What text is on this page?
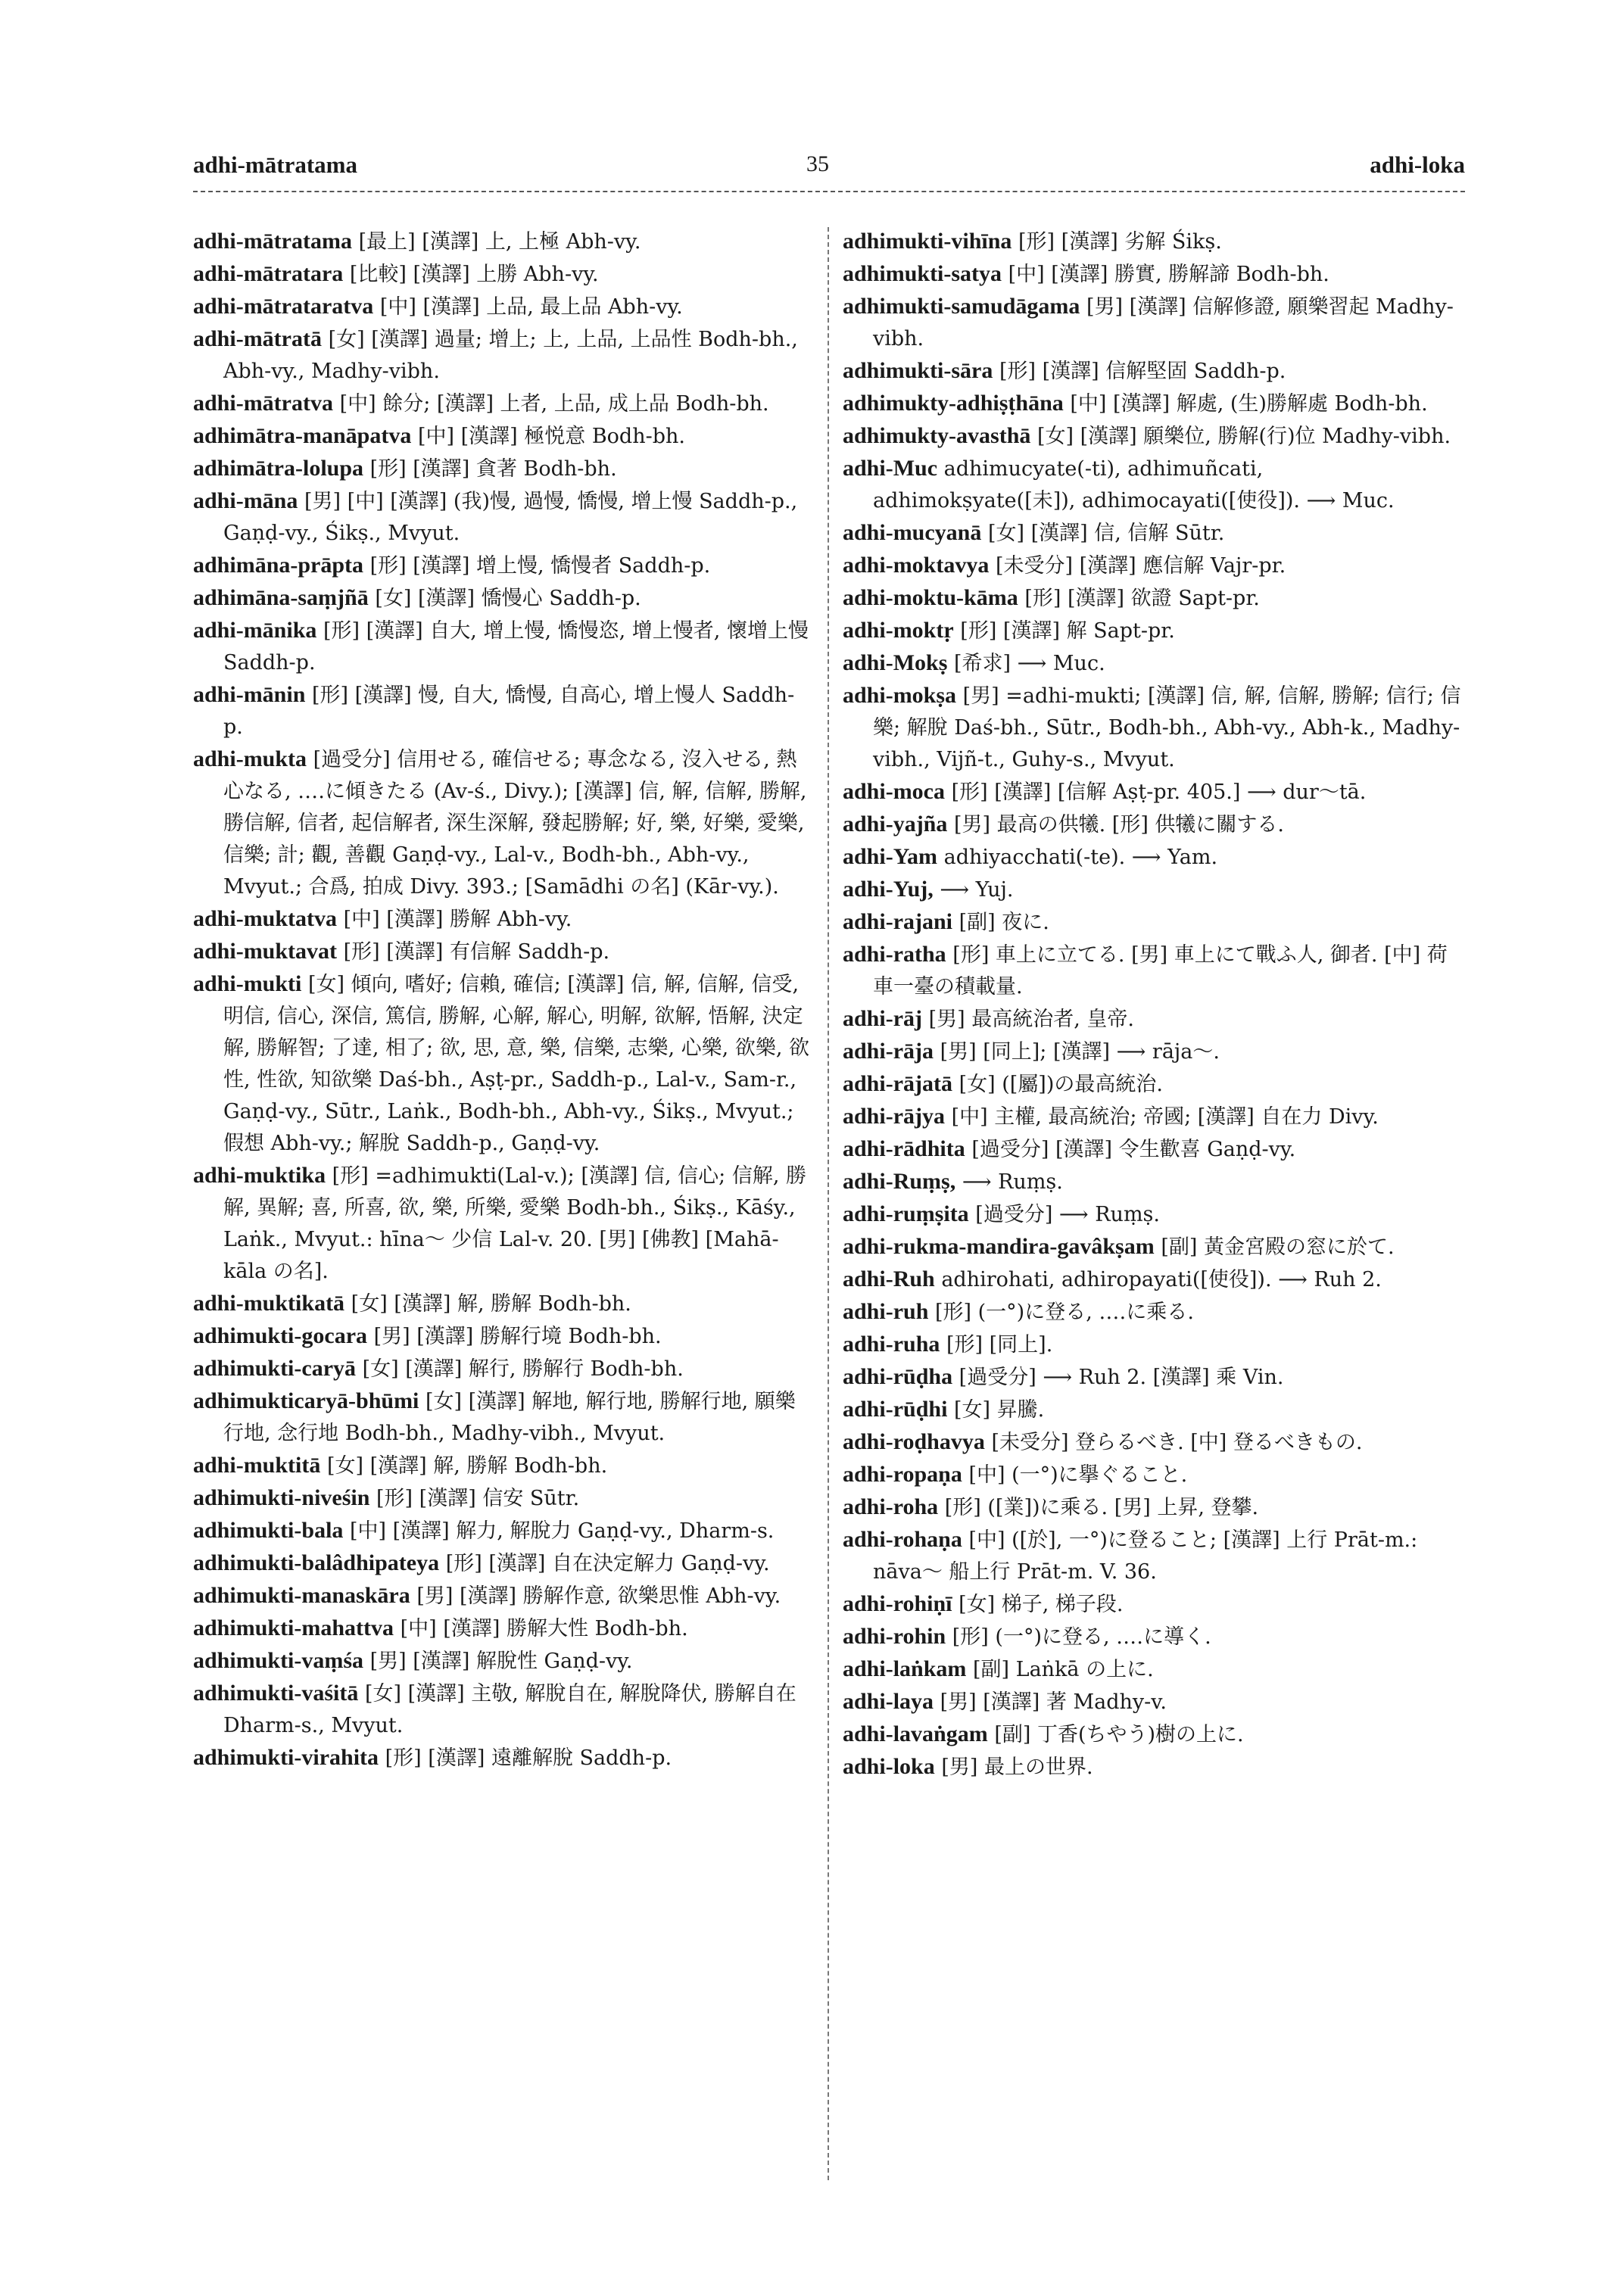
adhi-mātratama	35	adhi-loka

adhi-mātratama [最上] [漢譯] 上, 上極 Abh-vy.

adhi-mātratara [比較] [漢譯] 上勝 Abh-vy.

adhi-mātrataratva [中] [漢譯] 上品, 最上品 Abh-vy.

adhi-mātratā [女] [漢譯] 過量; 增上; 上, 上品, 上品性 Bodh-bh., Abh-vy., Madhy-vibh.

adhi-mātratva [中] 餘分; [漢譯] 上者, 上品, 成上品 Bodh-bh.

adhimātra-manāpatva [中] [漢譯] 極悦意 Bodh-bh.

adhimātra-lolupa [形] [漢譯] 貪著 Bodh-bh.

adhi-māna [男] [中] [漢譯] (我)慢, 過慢, 憍慢, 增上慢 Saddh-p., Gaṇḍ-vy., Śikṣ., Mvyut.

adhimāna-prāpta [形] [漢譯] 增上慢, 憍慢者 Saddh-p.

adhimāna-saṃjñā [女] [漢譯] 憍慢心 Saddh-p.

adhi-mānika [形] [漢譯] 自大, 增上慢, 憍慢恣, 增上慢者, 懷增上慢 Saddh-p.

adhi-mānin [形] [漢譯] 慢, 自大, 憍慢, 自高心, 增上慢人 Saddh-p.

adhi-mukta [過受分] 信用せる, 確信せる; 專念なる, 沒入せる, 熱心なる, ‥‥に傾きたる (Av-ś., Divy.); [漢譯] 信, 解, 信解, 勝解, 勝信解, 信者, 起信解者, 深生深解, 發起勝解; 好, 樂, 好樂, 愛樂, 信樂; 計; 觀, 善觀 Gaṇḍ-vy., Lal-v., Bodh-bh., Abh-vy., Mvyut.; 合爲, 拍成 Divy. 393.; [Samādhi の名] (Kār-vy.).

adhi-muktatva [中] [漢譯] 勝解 Abh-vy.

adhi-muktavat [形] [漢譯] 有信解 Saddh-p.

adhi-mukti [女] 傾向, 嗜好; 信賴, 確信; [漢譯] 信, 解, 信解, 信受, 明信, 信心, 深信, 篤信, 勝解, 心解, 解心, 明解, 欲解, 悟解, 決定解, 勝解智; 了達, 相了; 欲, 思, 意, 樂, 信樂, 志樂, 心樂, 欲樂, 欲性, 性欲, 知欲樂 Daś-bh., Aṣṭ-pr., Saddh-p., Lal-v., Sam-r., Gaṇḍ-vy., Sūtr., Laṅk., Bodh-bh., Abh-vy., Śikṣ., Mvyut.; 假想 Abh-vy.; 解脫 Saddh-p., Gaṇḍ-vy.

adhi-muktika [形] =adhimukti(Lal-v.); [漢譯] 信, 信心; 信解, 勝解, 異解; 喜, 所喜, 欲, 樂, 所樂, 愛樂 Bodh-bh., Śikṣ., Kāśy., Laṅk., Mvyut.: hīna〜 少信 Lal-v. 20. [男] [佛教] [Mahā-kāla の名].

adhi-muktikatā [女] [漢譯] 解, 勝解 Bodh-bh.

adhimukti-gocara [男] [漢譯] 勝解行境 Bodh-bh.

adhimukti-caryā [女] [漢譯] 解行, 勝解行 Bodh-bh.

adhimukticaryā-bhūmi [女] [漢譯] 解地, 解行地, 勝解行地, 願樂行地, 念行地 Bodh-bh., Madhy-vibh., Mvyut.

adhi-muktitā [女] [漢譯] 解, 勝解 Bodh-bh.

adhimukti-niveśin [形] [漢譯] 信安 Sūtr.

adhimukti-bala [中] [漢譯] 解力, 解脫力 Gaṇḍ-vy., Dharm-s.

adhimukti-balâdhipateya [形] [漢譯] 自在決定解力 Gaṇḍ-vy.

adhimukti-manaskāra [男] [漢譯] 勝解作意, 欲樂思惟 Abh-vy.

adhimukti-mahattva [中] [漢譯] 勝解大性 Bodh-bh.

adhimukti-vaṃśa [男] [漢譯] 解脫性 Gaṇḍ-vy.

adhimukti-vaśitā [女] [漢譯] 主敬, 解脫自在, 解脫降伏, 勝解自在 Dharm-s., Mvyut.

adhimukti-virahita [形] [漢譯] 遠離解脫 Saddh-p.

adhimukti-vihīna [形] [漢譯] 劣解 Śikṣ.

adhimukti-satya [中] [漢譯] 勝實, 勝解諦 Bodh-bh.

adhimukti-samudāgama [男] [漢譯] 信解修證, 願樂習起 Madhy-vibh.

adhimukti-sāra [形] [漢譯] 信解堅固 Saddh-p.

adhimukty-adhiṣṭhāna [中] [漢譯] 解處, (生)勝解處 Bodh-bh.

adhimukty-avasthā [女] [漢譯] 願樂位, 勝解(行)位 Madhy-vibh.

adhi-Muc adhimucyate(-ti), adhimuñcati, adhimokṣyate([未]), adhimocayati([使役]). ⟶ Muc.

adhi-mucyanā [女] [漢譯] 信, 信解 Sūtr.

adhi-moktavya [未受分] [漢譯] 應信解 Vajr-pr.

adhi-moktu-kāma [形] [漢譯] 欲證 Sapt-pr.

adhi-moktṛ [形] [漢譯] 解 Sapt-pr.

adhi-Mokṣ [希求] ⟶ Muc.

adhi-mokṣa [男] =adhi-mukti; [漢譯] 信, 解, 信解, 勝解; 信行; 信樂; 解脫 Daś-bh., Sūtr., Bodh-bh., Abh-vy., Abh-k., Madhy-vibh., Vijñ-t., Guhy-s., Mvyut.

adhi-moca [形] [漢譯] [信解 Aṣṭ-pr. 405.] ⟶ dur〜tā.

adhi-yajña [男] 最高の供犧. [形] 供犧に關する.

adhi-Yam adhiyacchati(-te). ⟶ Yam.

adhi-Yuj, ⟶ Yuj.

adhi-rajani [副] 夜に.

adhi-ratha [形] 車上に立てる. [男] 車上にて戰ふ人, 御者. [中] 荷車一臺の積載量.

adhi-rāj [男] 最高統治者, 皇帝.

adhi-rāja [男] [同上]; [漢譯] ⟶ rāja〜.

adhi-rājatā [女] ([屬])の最高統治.

adhi-rājya [中] 主權, 最高統治; 帝國; [漢譯] 自在力 Divy.

adhi-rādhita [過受分] [漢譯] 令生歡喜 Gaṇḍ-vy.

adhi-Ruṃṣ, ⟶ Ruṃṣ.

adhi-ruṃṣita [過受分] ⟶ Ruṃṣ.

adhi-rukma-mandira-gavâkṣam [副] 黃金宮殿の窓に於て.

adhi-Ruh adhirohati, adhiropayati([使役]). ⟶ Ruh 2.

adhi-ruh [形] (一°)に登る, ‥‥に乘る.

adhi-ruha [形] [同上].

adhi-rūḍha [過受分] ⟶ Ruh 2. [漢譯] 乘 Vin.

adhi-rūḍhi [女] 昇騰.

adhi-roḍhavya [未受分] 登らるべき. [中] 登るべきもの.

adhi-ropaṇa [中] (一°)に擧ぐること.

adhi-roha [形] ([業])に乘る. [男] 上昇, 登攀.

adhi-rohaṇa [中] ([於], 一°)に登ること; [漢譯] 上行 Prāt-m.: nāva〜 船上行 Prāt-m. V. 36.

adhi-rohiṇī [女] 梯子, 梯子段.

adhi-rohin [形] (一°)に登る, ‥‥に導く.

adhi-laṅkam [副] Laṅkā の上に.

adhi-laya [男] [漢譯] 著 Madhy-v.

adhi-lavaṅgam [副] 丁香(ちやう)樹の上に.

adhi-loka [男] 最上の世界.
